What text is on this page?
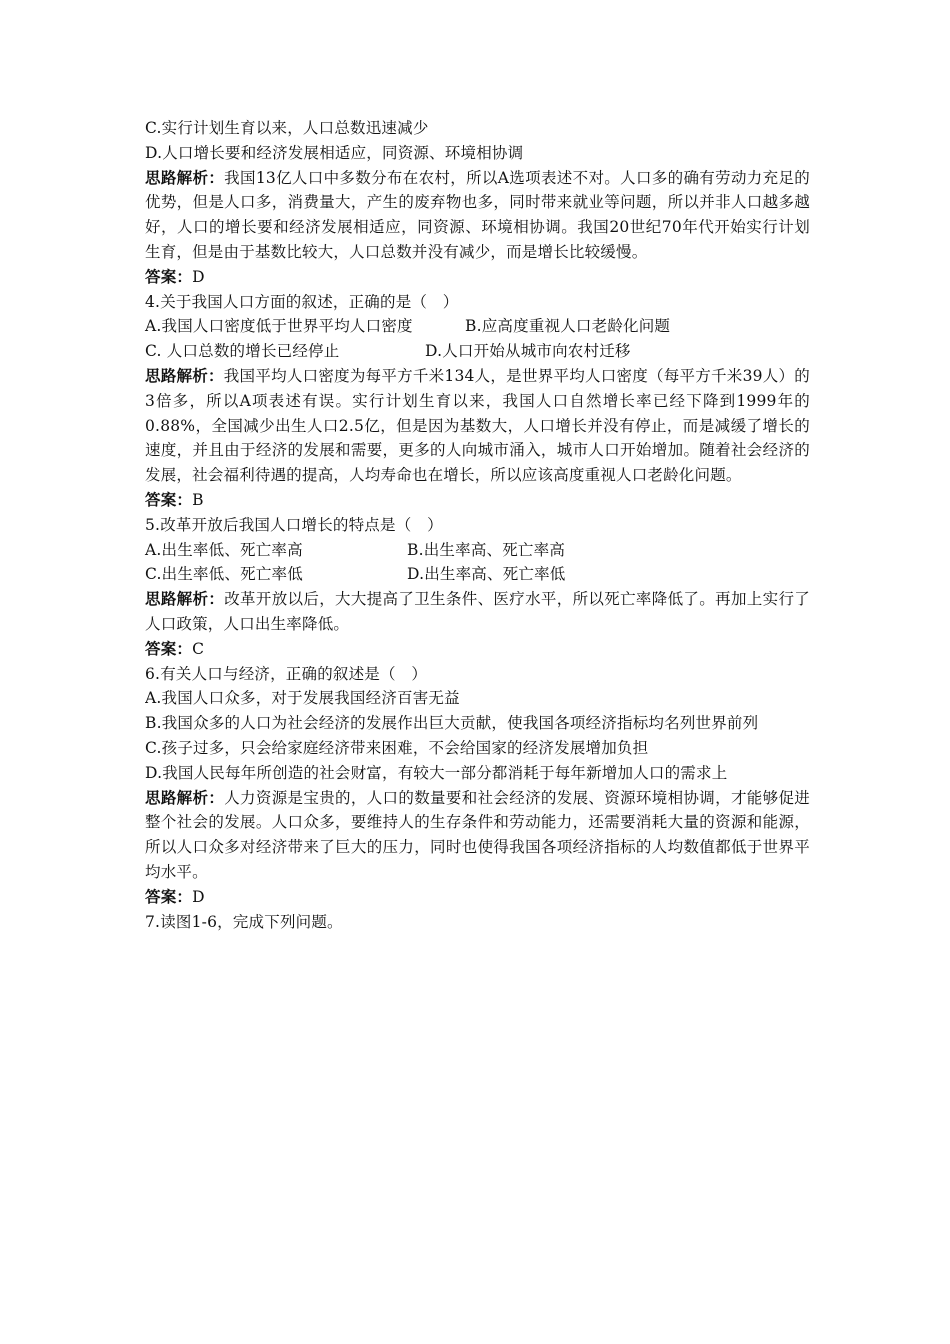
C.实行计划生育以来，人口总数迅速减少
D.人口增长要和经济发展相适应，同资源、环境相协调
思路解析：我国13亿人口中多数分布在农村，所以A选项表述不对。人口多的确有劳动力充足的优势，但是人口多，消费量大，产生的废弃物也多，同时带来就业等问题，所以并非人口越多越好，人口的增长要和经济发展相适应，同资源、环境相协调。我国20世纪70年代开始实行计划生育，但是由于基数比较大，人口总数并没有减少，而是增长比较缓慢。
答案：D
4.关于我国人口方面的叙述，正确的是（　）
A.我国人口密度低于世界平均人口密度	B.应高度重视人口老龄化问题
C. 人口总数的增长已经停止	D.人口开始从城市向农村迁移
思路解析：我国平均人口密度为每平方千米134人，是世界平均人口密度（每平方千米39人）的3倍多，所以A项表述有误。实行计划生育以来，我国人口自然增长率已经下降到1999年的0.88%，全国减少出生人口2.5亿，但是因为基数大，人口增长并没有停止，而是减缓了增长的速度，并且由于经济的发展和需要，更多的人向城市涌入，城市人口开始增加。随着社会经济的发展，社会福利待遇的提高，人均寿命也在增长，所以应该高度重视人口老龄化问题。
答案：B
5.改革开放后我国人口增长的特点是（　）
A.出生率低、死亡率高	B.出生率高、死亡率高
C.出生率低、死亡率低	D.出生率高、死亡率低
思路解析：改革开放以后，大大提高了卫生条件、医疗水平，所以死亡率降低了。再加上实行了人口政策，人口出生率降低。
答案：C
6.有关人口与经济，正确的叙述是（　）
A.我国人口众多，对于发展我国经济百害无益
B.我国众多的人口为社会经济的发展作出巨大贡献，使我国各项经济指标均名列世界前列
C.孩子过多，只会给家庭经济带来困难，不会给国家的经济发展增加负担
D.我国人民每年所创造的社会财富，有较大一部分都消耗于每年新增加人口的需求上
思路解析：人力资源是宝贵的，人口的数量要和社会经济的发展、资源环境相协调，才能够促进整个社会的发展。人口众多，要维持人的生存条件和劳动能力，还需要消耗大量的资源和能源，所以人口众多对经济带来了巨大的压力，同时也使得我国各项经济指标的人均数值都低于世界平均水平。
答案：D
7.读图1-6，完成下列问题。
